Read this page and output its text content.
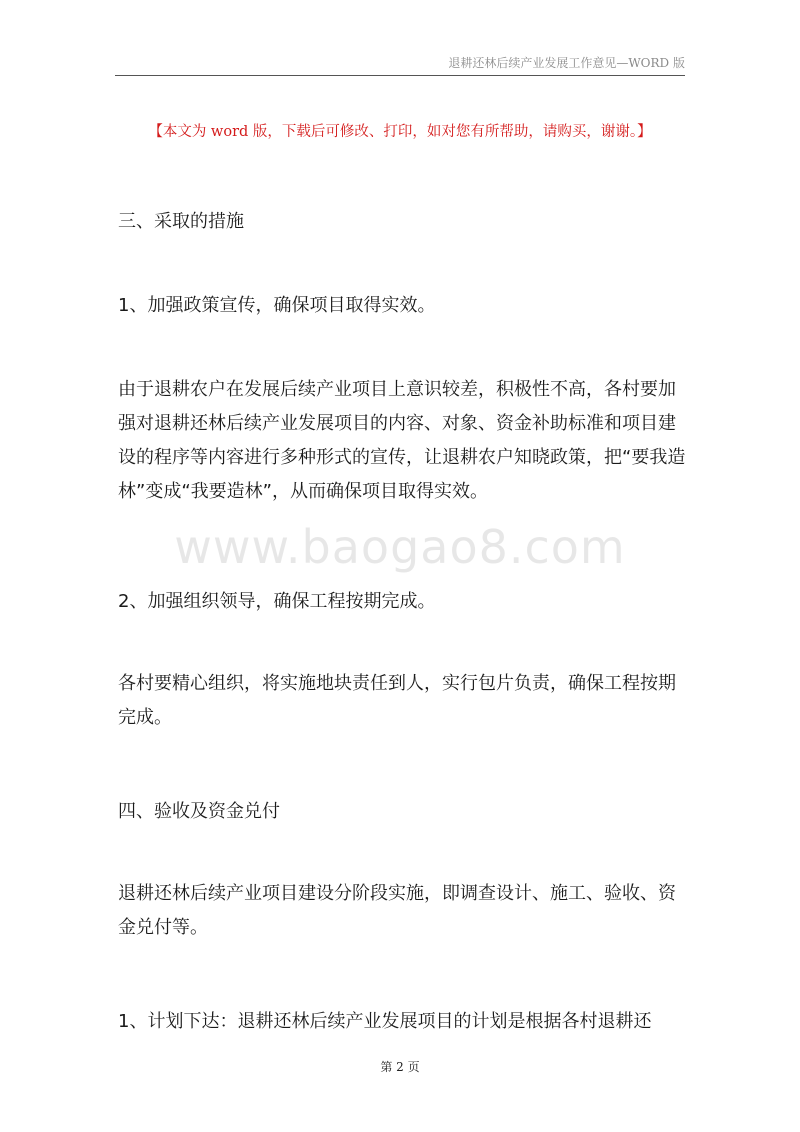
退耕还林后续产业发展工作意见—WORD 版
【本文为 word 版，下载后可修改、打印，如对您有所帮助，请购买，谢谢。】
三、采取的措施
1、加强政策宣传，确保项目取得实效。
由于退耕农户在发展后续产业项目上意识较差，积极性不高，各村要加强对退耕还林后续产业发展项目的内容、对象、资金补助标准和项目建设的程序等内容进行多种形式的宣传，让退耕农户知晓政策，把“要我造林”变成“我要造林”，从而确保项目取得实效。
www.baogao8.com
2、加强组织领导，确保工程按期完成。
各村要精心组织，将实施地块责任到人，实行包片负责，确保工程按期完成。
四、验收及资金兑付
退耕还林后续产业项目建设分阶段实施，即调查设计、施工、验收、资金兑付等。
1、计划下达：退耕还林后续产业发展项目的计划是根据各村退耕还
第 2 页
